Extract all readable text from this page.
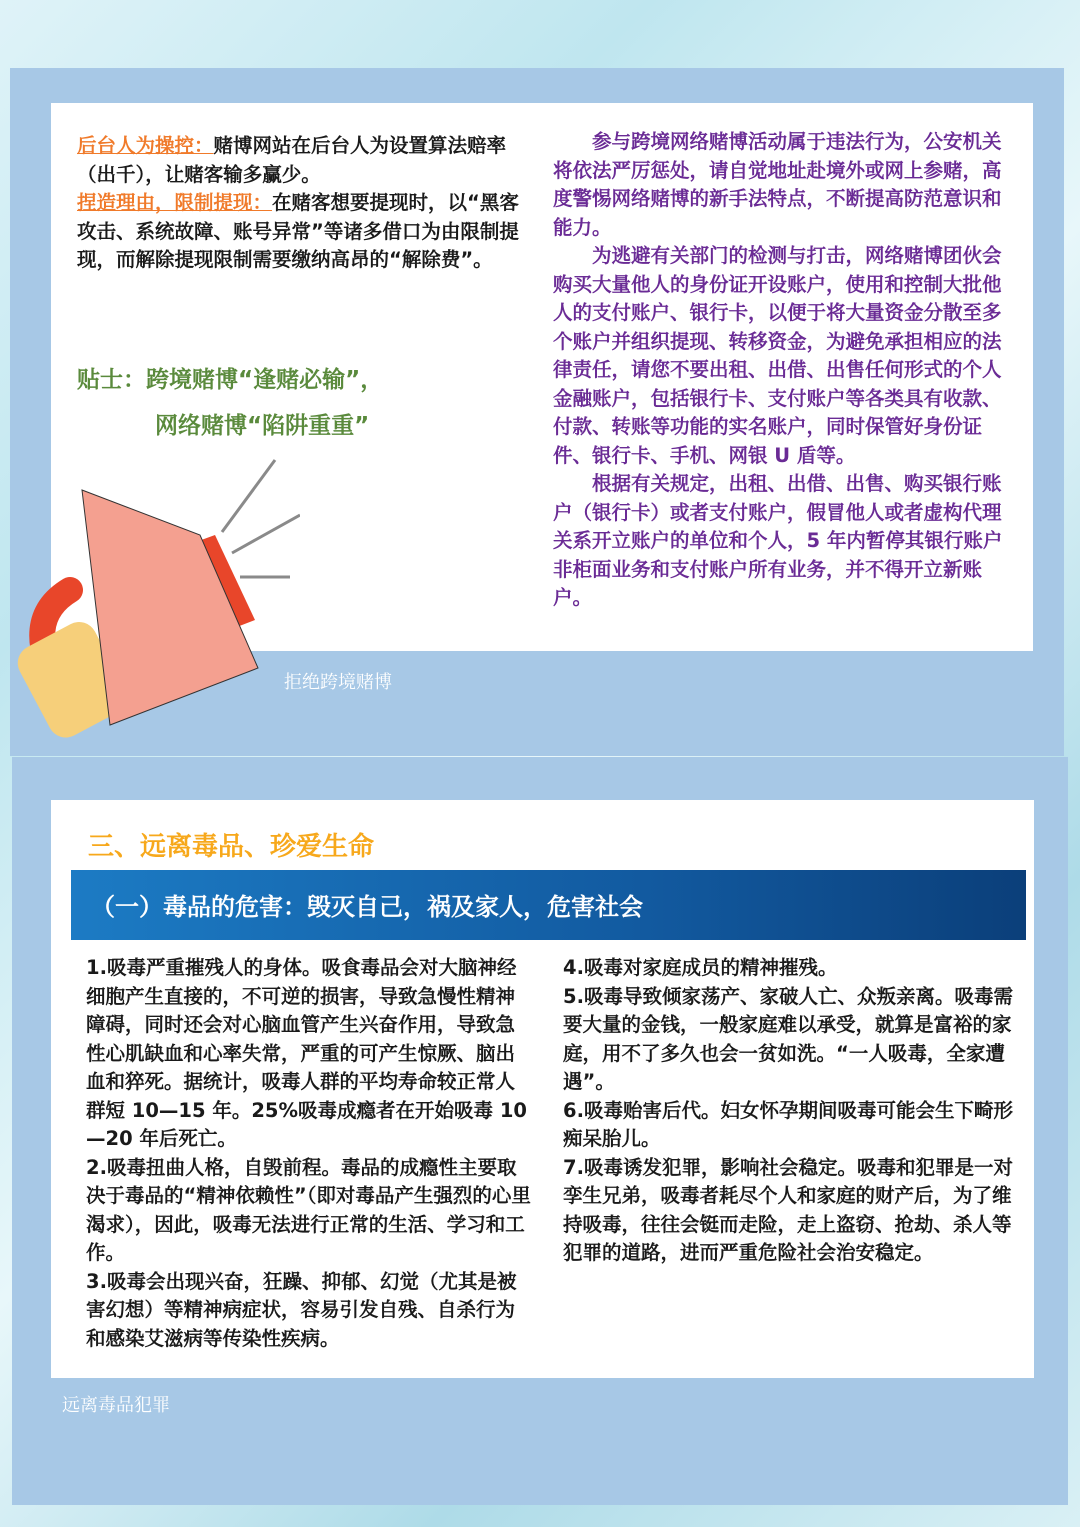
后台人为操控：赌博网站在后台人为设置算法赔率（出千），让赌客输多赢少。
捏造理由，限制提现：在赌客想要提现时，以“黑客攻击、系统故障、账号异常”等诸多借口为由限制提现，而解除提现限制需要缴纳高昂的“解除费”。
贴士：跨境赌博“逢赌必输”，
网络赌博“陷阱重重”

参与跨境网络赌博活动属于违法行为，公安机关将依法严厉惩处，请自觉地址赴境外或网上参赌，高度警惕网络赌博的新手法特点，不断提高防范意识和能力。

为逃避有关部门的检测与打击，网络赌博团伙会购买大量他人的身份证开设账户，使用和控制大批他人的支付账户、银行卡，以便于将大量资金分散至多个账户并组织提现、转移资金，为避免承担相应的法律责任，请您不要出租、出借、出售任何形式的个人金融账户，包括银行卡、支付账户等各类具有收款、付款、转账等功能的实名账户，同时保管好身份证件、银行卡、手机、网银 U 盾等。

根据有关规定，出租、出借、出售、购买银行账户（银行卡）或者支付账户，假冒他人或者虚构代理关系开立账户的单位和个人，5 年内暂停其银行账户非柜面业务和支付账户所有业务，并不得开立新账户。

拒绝跨境赌博
三、远离毒品、珍爱生命
（一）毒品的危害：毁灭自己，祸及家人，危害社会

1.吸毒严重摧残人的身体。吸食毒品会对大脑神经细胞产生直接的，不可逆的损害，导致急慢性精神障碍，同时还会对心脑血管产生兴奋作用，导致急性心肌缺血和心率失常，严重的可产生惊厥、脑出血和猝死。据统计，吸毒人群的平均寿命较正常人群短 10—15 年。25%吸毒成瘾者在开始吸毒 10—20 年后死亡。

2.吸毒扭曲人格，自毁前程。毒品的成瘾性主要取决于毒品的“精神依赖性”（即对毒品产生强烈的心里渴求），因此，吸毒无法进行正常的生活、学习和工作。

3.吸毒会出现兴奋，狂躁、抑郁、幻觉（尤其是被害幻想）等精神病症状，容易引发自残、自杀行为和感染艾滋病等传染性疾病。

4.吸毒对家庭成员的精神摧残。

5.吸毒导致倾家荡产、家破人亡、众叛亲离。吸毒需要大量的金钱，一般家庭难以承受，就算是富裕的家庭，用不了多久也会一贫如洗。“一人吸毒，全家遭遇”。

6.吸毒贻害后代。妇女怀孕期间吸毒可能会生下畸形痴呆胎儿。

7.吸毒诱发犯罪，影响社会稳定。吸毒和犯罪是一对孪生兄弟，吸毒者耗尽个人和家庭的财产后，为了维持吸毒，往往会铤而走险，走上盗窃、抢劫、杀人等犯罪的道路，进而严重危险社会治安稳定。

远离毒品犯罪
